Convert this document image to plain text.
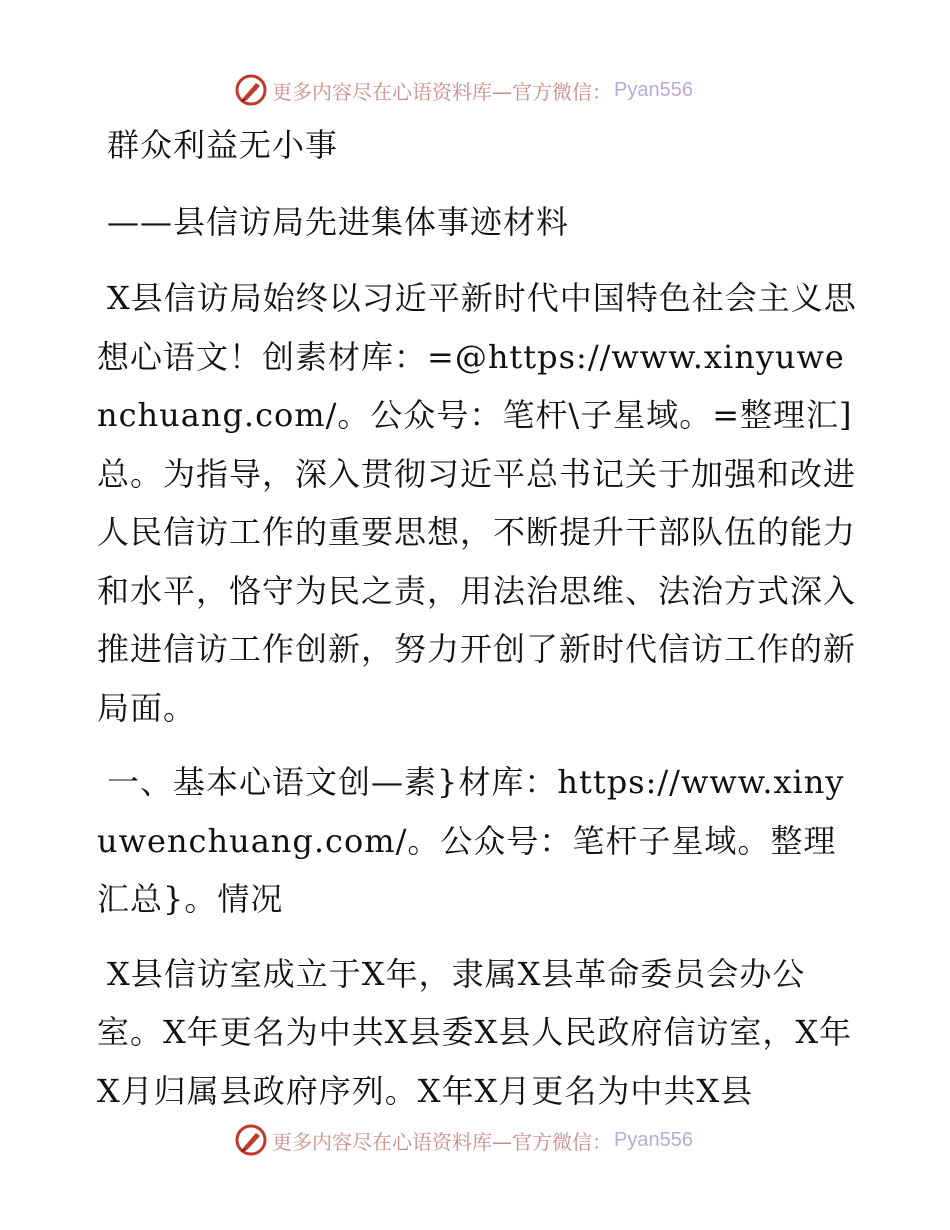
更多内容尽在心语资料库—官方微信： Pyan556

群众利益无小事

——县信访局先进集体事迹材料

X县信访局始终以习近平新时代中国特色社会主义思想心语文！创素材库：=@https://www.xinyuwenchuang.com/。公众号：笔杆\子星域。=整理汇]总。为指导，深入贯彻习近平总书记关于加强和改进人民信访工作的重要思想，不断提升干部队伍的能力和水平，恪守为民之责，用法治思维、法治方式深入推进信访工作创新，努力开创了新时代信访工作的新局面。

一、基本心语文创—素}材库：https://www.xinyuwenchuang.com/。公众号：笔杆子星域。整理汇总}。情况

X县信访室成立于X年，隶属X县革命委员会办公室。X年更名为中共X县委X县人民政府信访室，X年X月归属县政府序列。X年X月更名为中共X县

更多内容尽在心语资料库—官方微信： Pyan556
